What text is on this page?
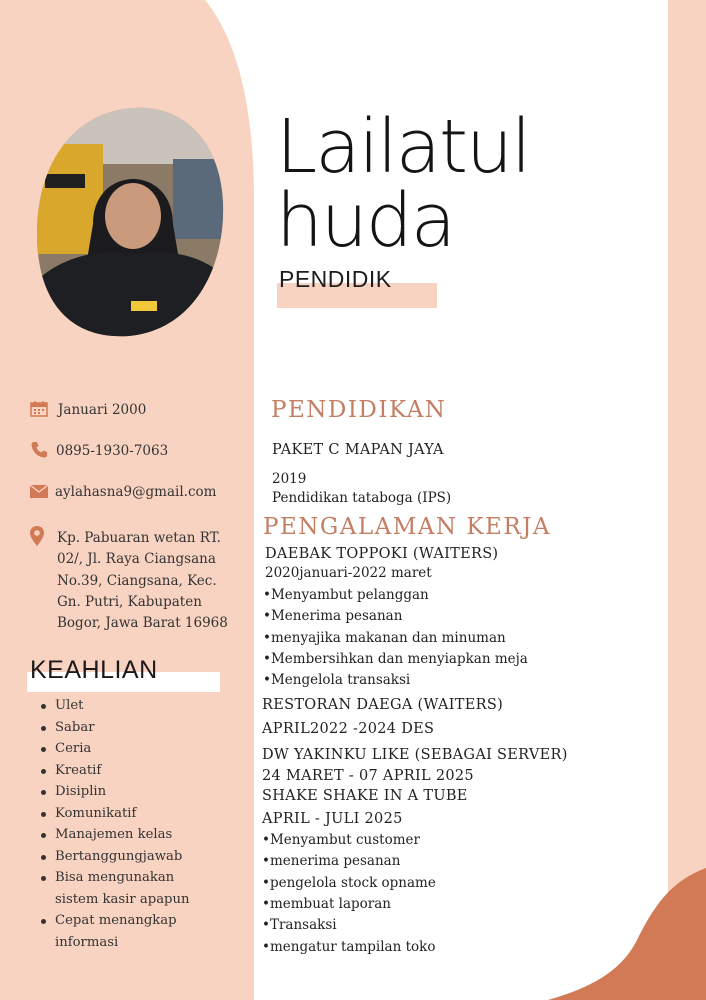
Lailatul
huda
PENDIDIK
Januari 2000
0895-1930-7063
aylahasna9@gmail.com
Kp. Pabuaran wetan RT.
02/, Jl. Raya Ciangsana
No.39, Ciangsana, Kec.
Gn. Putri, Kabupaten
Bogor, Jawa Barat 16968
KEAHLIAN
Ulet
Sabar
Ceria
Kreatif
Disiplin
Komunikatif
Manajemen kelas
Bertanggungjawab
Bisa mengunakan sistem kasir apapun
Cepat menangkap informasi
PENDIDIKAN
PAKET C MAPAN JAYA
2019
Pendidikan tataboga (IPS)
PENGALAMAN KERJA
DAEBAK TOPPOKI (WAITERS)
2020januari-2022 maret
•Menyambut pelanggan
•Menerima pesanan
•menyajika makanan dan minuman
•Membersihkan dan menyiapkan meja
•Mengelola transaksi
RESTORAN DAEGA (WAITERS)
APRIL2022 -2024 DES
DW YAKINKU LIKE (SEBAGAI SERVER)
24 MARET - 07 APRIL 2025
SHAKE SHAKE IN A TUBE
APRIL - JULI 2025
•Menyambut customer
•menerima pesanan
•pengelola stock opname
•membuat laporan
•Transaksi
•mengatur tampilan toko
